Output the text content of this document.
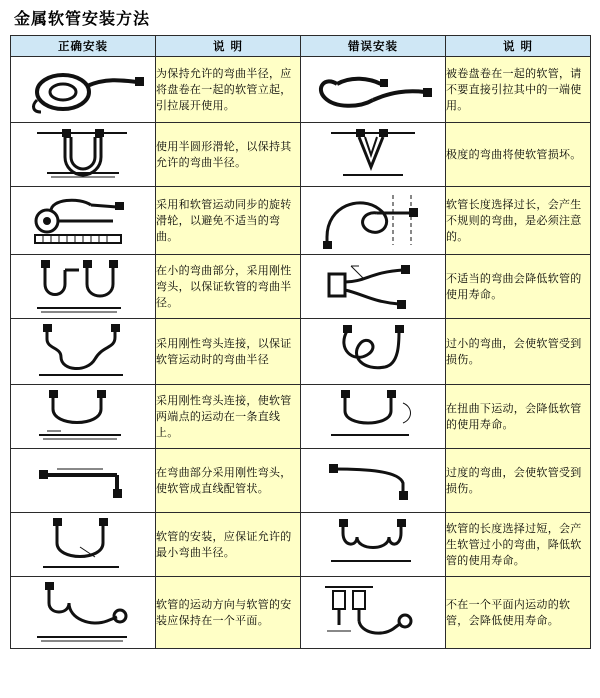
金属软管安装方法
正确安装	说 明	错误安装	说 明

	为保持允许的弯曲半径，应将盘卷在一起的软管立起，引拉展开使用。		被卷盘卷在一起的软管，请不要直接引拉其中的一端使用。

	使用半圆形滑轮，以保持其允许的弯曲半径。		极度的弯曲将使软管损坏。

	采用和软管运动同步的旋转滑轮，以避免不适当的弯曲。		软管长度选择过长，会产生不规则的弯曲，是必须注意的。

	在小的弯曲部分，采用刚性弯头，以保证软管的弯曲半径。		不适当的弯曲会降低软管的使用寿命。

	采用刚性弯头连接，以保证软管运动时的弯曲半径		过小的弯曲，会使软管受到损伤。

	采用刚性弯头连接，使软管两端点的运动在一条直线上。		在扭曲下运动，会降低软管的使用寿命。

	在弯曲部分采用刚性弯头，使软管成直线配管状。		过度的弯曲，会使软管受到损伤。

	软管的安装，应保证允许的最小弯曲半径。		软管的长度选择过短，会产生软管过小的弯曲，降低软管的使用寿命。

	软管的运动方向与软管的安装应保持在一个平面。		不在一个平面内运动的软管，会降低使用寿命。
